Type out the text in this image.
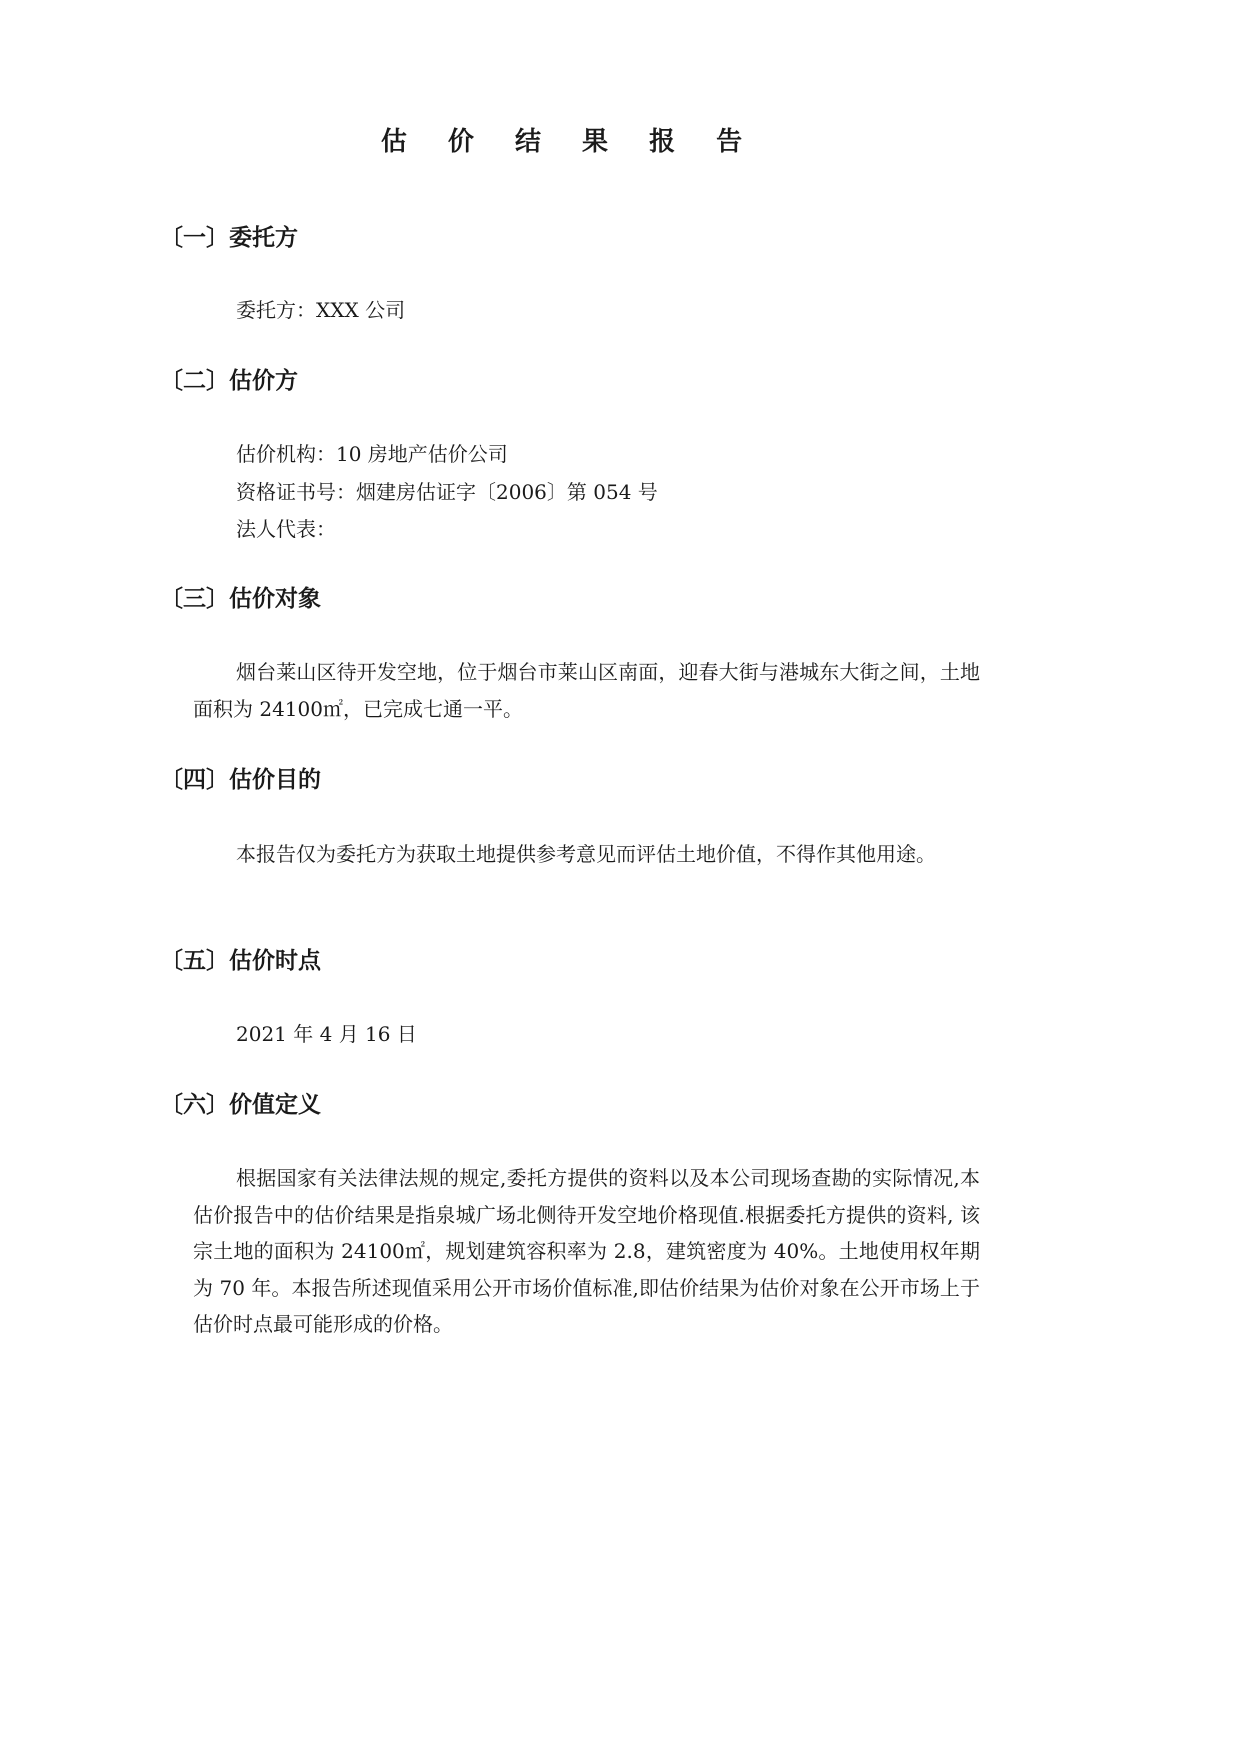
估 价 结 果 报 告
〔一〕委托方
委托方：XXX 公司
〔二〕估价方
估价机构：10 房地产估价公司
资格证书号：烟建房估证字〔2006〕第 054 号
法人代表：
〔三〕估价对象
烟台莱山区待开发空地，位于烟台市莱山区南面，迎春大街与港城东大街之间，土地面积为 24100㎡，已完成七通一平。
〔四〕估价目的
本报告仅为委托方为获取土地提供参考意见而评估土地价值，不得作其他用途。
〔五〕估价时点
2021 年 4 月 16 日
〔六〕价值定义
根据国家有关法律法规的规定,委托方提供的资料以及本公司现场查勘的实际情况,本估价报告中的估价结果是指泉城广场北侧待开发空地价格现值.根据委托方提供的资料, 该宗土地的面积为 24100㎡，规划建筑容积率为 2.8，建筑密度为 40%。土地使用权年期为 70 年。本报告所述现值采用公开市场价值标准,即估价结果为估价对象在公开市场上于估价时点最可能形成的价格。
